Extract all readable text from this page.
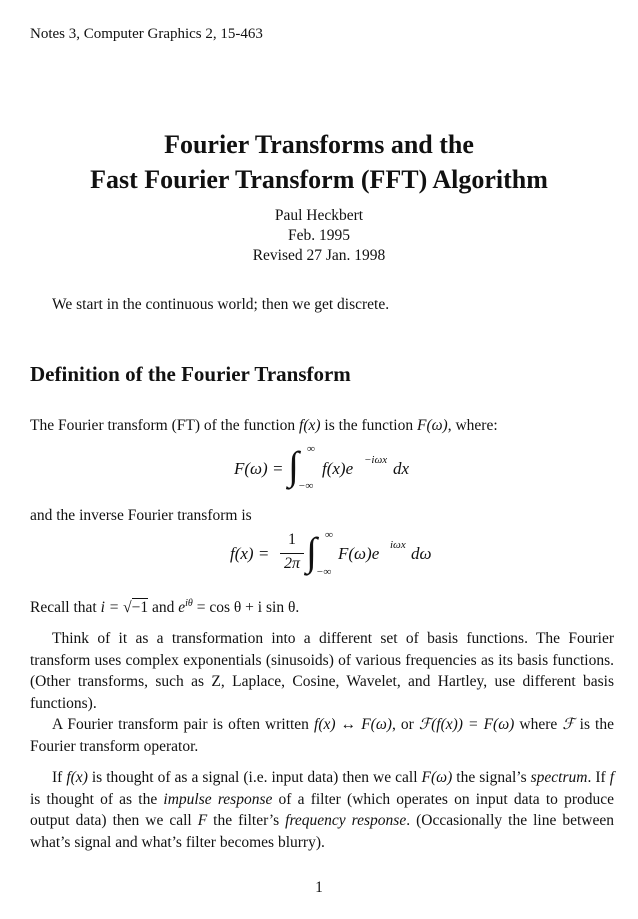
Notes 3, Computer Graphics 2, 15-463
Fourier Transforms and the
Fast Fourier Transform (FFT) Algorithm
Paul Heckbert
Feb. 1995
Revised 27 Jan. 1998
We start in the continuous world; then we get discrete.
Definition of the Fourier Transform
The Fourier transform (FT) of the function f(x) is the function F(ω), where:
F(ω) = ∫ ∞
−∞
f(x)e −iωx dx
and the inverse Fourier transform is
f(x) =
1
2π ∫ ∞
−∞
F(ω)e iωx dω
Recall that i = √−1 and $e^{i\theta} = \cos \theta + i$ sin θ.
Think of it as a transformation into a different set of basis functions. The Fourier transform uses complex exponentials (sinusoids) of various frequencies as its basis functions. (Other transforms, such as Z, Laplace, Cosine, Wavelet, and Hartley, use different basis functions).
A Fourier transform pair is often written f(x) ↔ F(ω), or ℱ(f(x)) = F(ω) where ℱ is the Fourier transform operator.
If f(x) is thought of as a signal (i.e. input data) then we call F(ω) the signal’s spectrum. If f is thought of as the impulse response of a filter (which operates on input data to produce output data) then we call F the filter’s frequency response. (Occasionally the line between what’s signal and what’s filter becomes blurry).
1
